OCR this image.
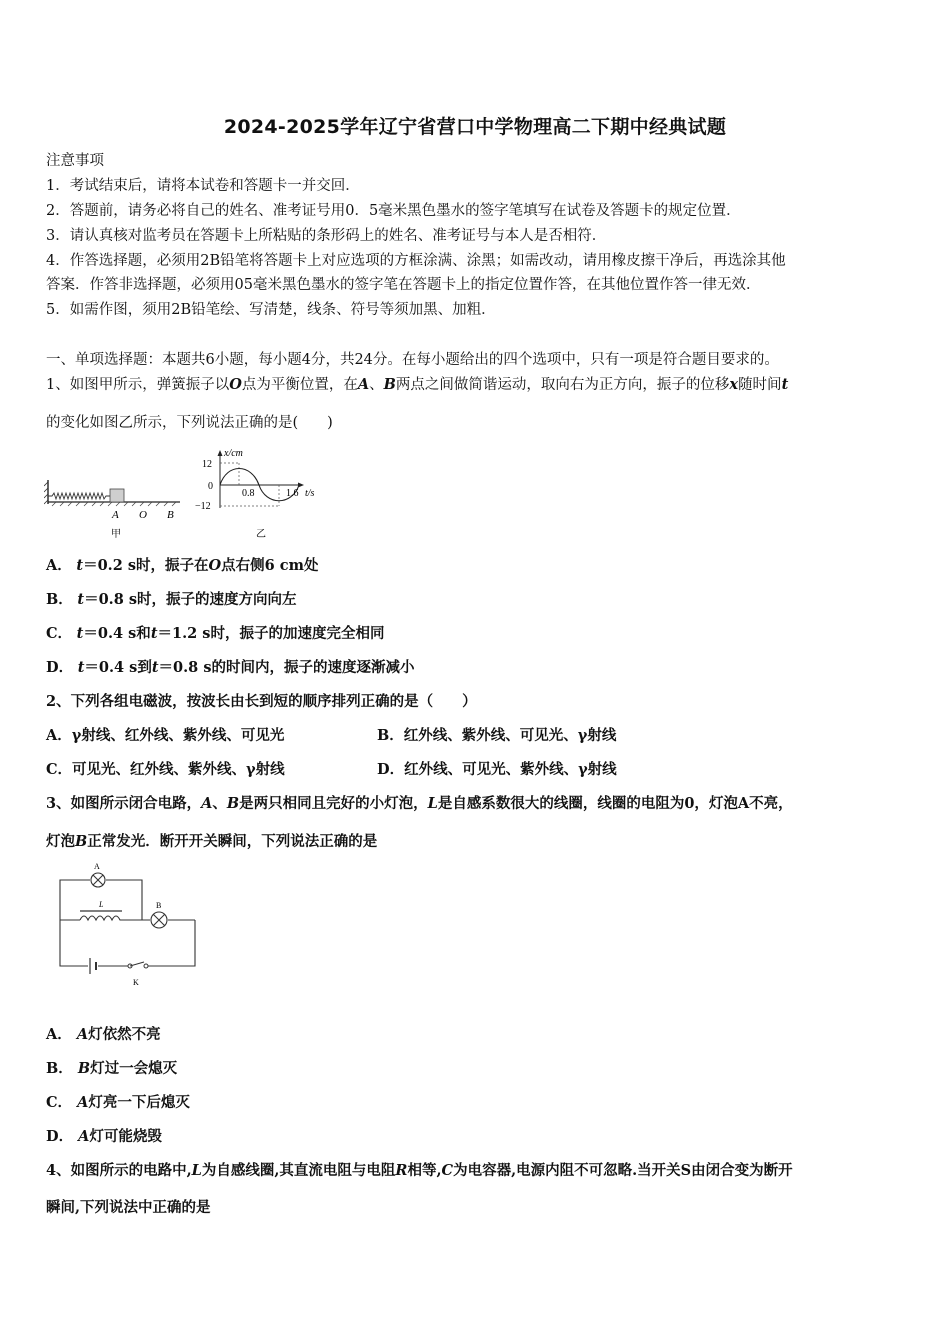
2024-2025学年辽宁省营口中学物理高二下期中经典试题
注意事项
1．考试结束后，请将本试卷和答题卡一并交回．
2．答题前，请务必将自己的姓名、准考证号用0．5毫米黑色墨水的签字笔填写在试卷及答题卡的规定位置．
3．请认真核对监考员在答题卡上所粘贴的条形码上的姓名、准考证号与本人是否相符．
4．作答选择题，必须用2B铅笔将答题卡上对应选项的方框涂满、涂黑；如需改动，请用橡皮擦干净后，再选涂其他
答案．作答非选择题，必须用05毫米黑色墨水的签字笔在答题卡上的指定位置作答，在其他位置作答一律无效．
5．如需作图，须用2B铅笔绘、写清楚，线条、符号等须加黑、加粗．
一、单项选择题：本题共6小题，每小题4分，共24分。在每小题给出的四个选项中，只有一项是符合题目要求的。
1、如图甲所示，弹簧振子以O点为平衡位置，在A、B两点之间做简谐运动，取向右为正方向，振子的位移x随时间t
的变化如图乙所示，下列说法正确的是(　　)
A O B
甲
x/cm
12
0
−12
0.8	1.6 t/s
乙
A． t＝0.2 s时，振子在O点右侧6 cm处
B． t＝0.8 s时，振子的速度方向向左
C． t＝0.4 s和t＝1.2 s时，振子的加速度完全相同
D． t＝0.4 s到t＝0.8 s的时间内，振子的速度逐渐减小
2、下列各组电磁波，按波长由长到短的顺序排列正确的是（　　）
A．γ射线、红外线、紫外线、可见光	B．红外线、紫外线、可见光、γ射线
C．可见光、红外线、紫外线、γ射线	D．红外线、可见光、紫外线、γ射线
3、如图所示闭合电路，A、B是两只相同且完好的小灯泡，L是自感系数很大的线圈，线圈的电阻为0，灯泡A不亮，
灯泡B正常发光．断开开关瞬间，下列说法正确的是
A
L	B
K
A． A灯依然不亮
B． B灯过一会熄灭
C． A灯亮一下后熄灭
D． A灯可能烧毁
4、如图所示的电路中,L为自感线圈,其直流电阻与电阻R相等,C为电容器,电源内阻不可忽略.当开关S由闭合变为断开
瞬间,下列说法中正确的是
